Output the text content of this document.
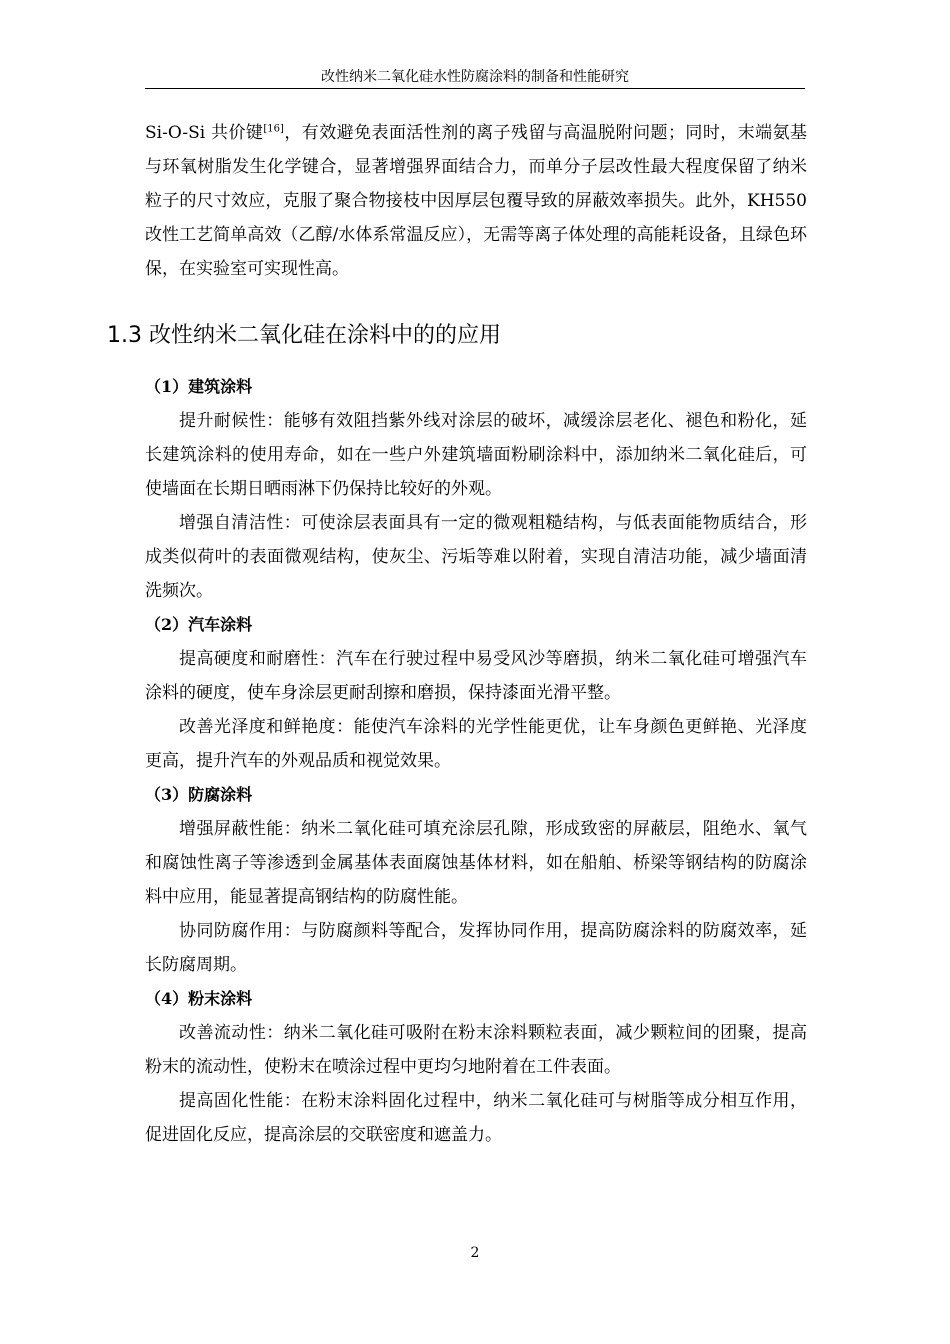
改性纳米二氧化硅水性防腐涂料的制备和性能研究

Si-O-Si 共价键[16]，有效避免表面活性剂的离子残留与高温脱附问题；同时，末端氨基与环氧树脂发生化学键合，显著增强界面结合力，而单分子层改性最大程度保留了纳米粒子的尺寸效应，克服了聚合物接枝中因厚层包覆导致的屏蔽效率损失。此外，KH550 改性工艺简单高效（乙醇/水体系常温反应），无需等离子体处理的高能耗设备，且绿色环保，在实验室可实现性高。

1.3 改性纳米二氧化硅在涂料中的的应用
（1）建筑涂料

提升耐候性：能够有效阻挡紫外线对涂层的破坏，减缓涂层老化、褪色和粉化，延长建筑涂料的使用寿命，如在一些户外建筑墙面粉刷涂料中，添加纳米二氧化硅后，可使墙面在长期日晒雨淋下仍保持比较好的外观。

增强自清洁性：可使涂层表面具有一定的微观粗糙结构，与低表面能物质结合，形成类似荷叶的表面微观结构，使灰尘、污垢等难以附着，实现自清洁功能，减少墙面清洗频次。

（2）汽车涂料

提高硬度和耐磨性：汽车在行驶过程中易受风沙等磨损，纳米二氧化硅可增强汽车涂料的硬度，使车身涂层更耐刮擦和磨损，保持漆面光滑平整。

改善光泽度和鲜艳度：能使汽车涂料的光学性能更优，让车身颜色更鲜艳、光泽度更高，提升汽车的外观品质和视觉效果。

（3）防腐涂料

增强屏蔽性能：纳米二氧化硅可填充涂层孔隙，形成致密的屏蔽层，阻绝水、氧气和腐蚀性离子等渗透到金属基体表面腐蚀基体材料，如在船舶、桥梁等钢结构的防腐涂料中应用，能显著提高钢结构的防腐性能。

协同防腐作用：与防腐颜料等配合，发挥协同作用，提高防腐涂料的防腐效率，延长防腐周期。

（4）粉末涂料

改善流动性：纳米二氧化硅可吸附在粉末涂料颗粒表面，减少颗粒间的团聚，提高粉末的流动性，使粉末在喷涂过程中更均匀地附着在工件表面。

提高固化性能：在粉末涂料固化过程中，纳米二氧化硅可与树脂等成分相互作用，促进固化反应，提高涂层的交联密度和遮盖力。

2
